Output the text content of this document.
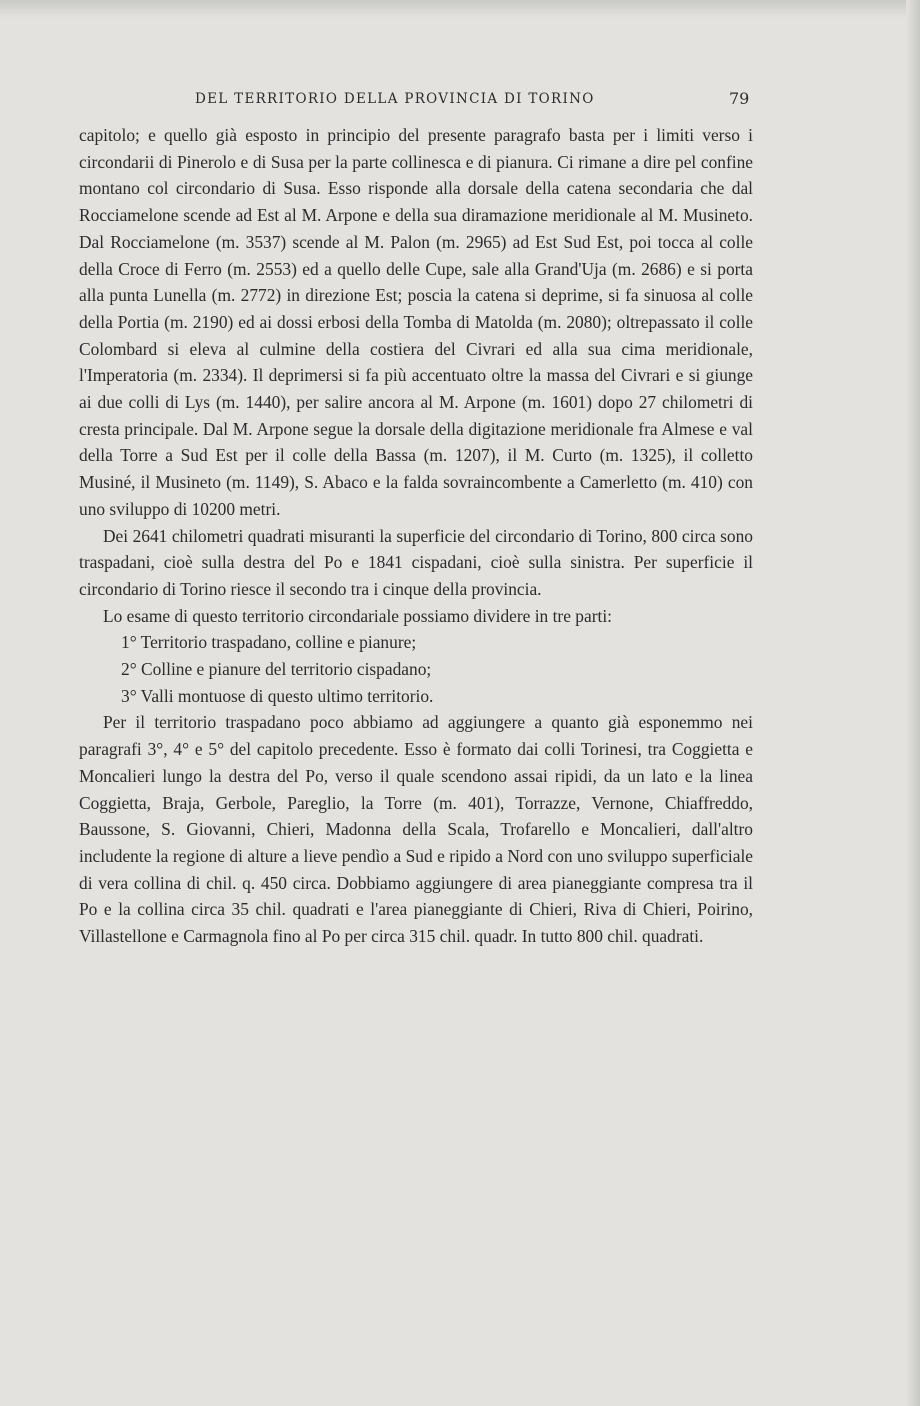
DEL TERRITORIO DELLA PROVINCIA DI TORINO	79

capitolo; e quello già esposto in principio del presente paragrafo basta per i limiti verso i circondarii di Pinerolo e di Susa per la parte collinesca e di pianura. Ci rimane a dire pel confine montano col circondario di Susa. Esso risponde alla dorsale della catena secondaria che dal Rocciamelone scende ad Est al M. Arpone e della sua diramazione meridionale al M. Musineto. Dal Rocciamelone (m. 3537) scende al M. Palon (m. 2965) ad Est Sud Est, poi tocca al colle della Croce di Ferro (m. 2553) ed a quello delle Cupe, sale alla Grand'Uja (m. 2686) e si porta alla punta Lunella (m. 2772) in direzione Est; poscia la catena si deprime, si fa sinuosa al colle della Portia (m. 2190) ed ai dossi erbosi della Tomba di Matolda (m. 2080); oltrepassato il colle Colombard si eleva al culmine della costiera del Civrari ed alla sua cima meridionale, l'Imperatoria (m. 2334). Il deprimersi si fa più accentuato oltre la massa del Civrari e si giunge ai due colli di Lys (m. 1440), per salire ancora al M. Arpone (m. 1601) dopo 27 chilometri di cresta principale. Dal M. Arpone segue la dorsale della digitazione meridionale fra Almese e val della Torre a Sud Est per il colle della Bassa (m. 1207), il M. Curto (m. 1325), il colletto Musiné, il Musineto (m. 1149), S. Abaco e la falda sovraincombente a Camerletto (m. 410) con uno sviluppo di 10200 metri.

Dei 2641 chilometri quadrati misuranti la superficie del circondario di Torino, 800 circa sono traspadani, cioè sulla destra del Po e 1841 cispadani, cioè sulla sinistra. Per superficie il circondario di Torino riesce il secondo tra i cinque della provincia.

Lo esame di questo territorio circondariale possiamo dividere in tre parti:

1° Territorio traspadano, colline e pianure;

2° Colline e pianure del territorio cispadano;

3° Valli montuose di questo ultimo territorio.

Per il territorio traspadano poco abbiamo ad aggiungere a quanto già esponemmo nei paragrafi 3°, 4° e 5° del capitolo precedente. Esso è formato dai colli Torinesi, tra Coggietta e Moncalieri lungo la destra del Po, verso il quale scendono assai ripidi, da un lato e la linea Coggietta, Braja, Gerbole, Pareglio, la Torre (m. 401), Torrazze, Vernone, Chiaffreddo, Baussone, S. Giovanni, Chieri, Madonna della Scala, Trofarello e Moncalieri, dall'altro includente la regione di alture a lieve pendìo a Sud e ripido a Nord con uno sviluppo superficiale di vera collina di chil. q. 450 circa. Dobbiamo aggiungere di area pianeggiante compresa tra il Po e la collina circa 35 chil. quadrati e l'area pianeggiante di Chieri, Riva di Chieri, Poirino, Villastellone e Carmagnola fino al Po per circa 315 chil. quadr. In tutto 800 chil. quadrati.
